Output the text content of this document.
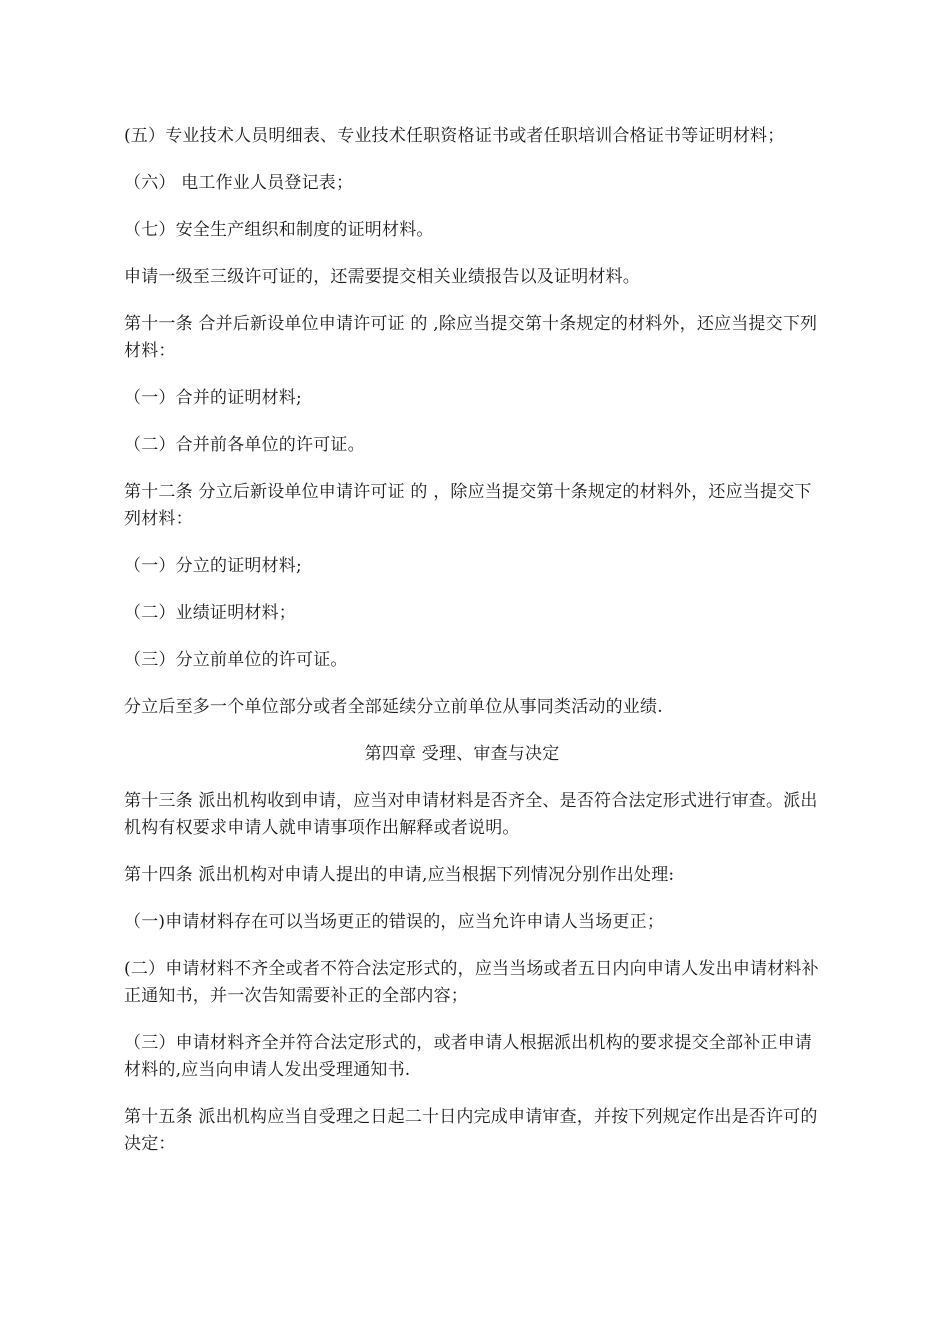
(五）专业技术人员明细表、专业技术任职资格证书或者任职培训合格证书等证明材料；

（六） 电工作业人员登记表；

（七）安全生产组织和制度的证明材料。

申请一级至三级许可证的，还需要提交相关业绩报告以及证明材料。

第十一条 合并后新设单位申请许可证 的 ,除应当提交第十条规定的材料外，还应当提交下列材料：

（一）合并的证明材料;

（二）合并前各单位的许可证。

第十二条 分立后新设单位申请许可证 的 ，除应当提交第十条规定的材料外，还应当提交下列材料：

（一）分立的证明材料;

（二）业绩证明材料；

（三）分立前单位的许可证。

分立后至多一个单位部分或者全部延续分立前单位从事同类活动的业绩.

第四章 受理、审查与决定

第十三条 派出机构收到申请，应当对申请材料是否齐全、是否符合法定形式进行审查。派出机构有权要求申请人就申请事项作出解释或者说明。

第十四条 派出机构对申请人提出的申请,应当根据下列情况分别作出处理:

（一)申请材料存在可以当场更正的错误的，应当允许申请人当场更正；

(二）申请材料不齐全或者不符合法定形式的，应当当场或者五日内向申请人发出申请材料补正通知书，并一次告知需要补正的全部内容；

（三）申请材料齐全并符合法定形式的，或者申请人根据派出机构的要求提交全部补正申请材料的,应当向申请人发出受理通知书.

第十五条 派出机构应当自受理之日起二十日内完成申请审查，并按下列规定作出是否许可的决定：
